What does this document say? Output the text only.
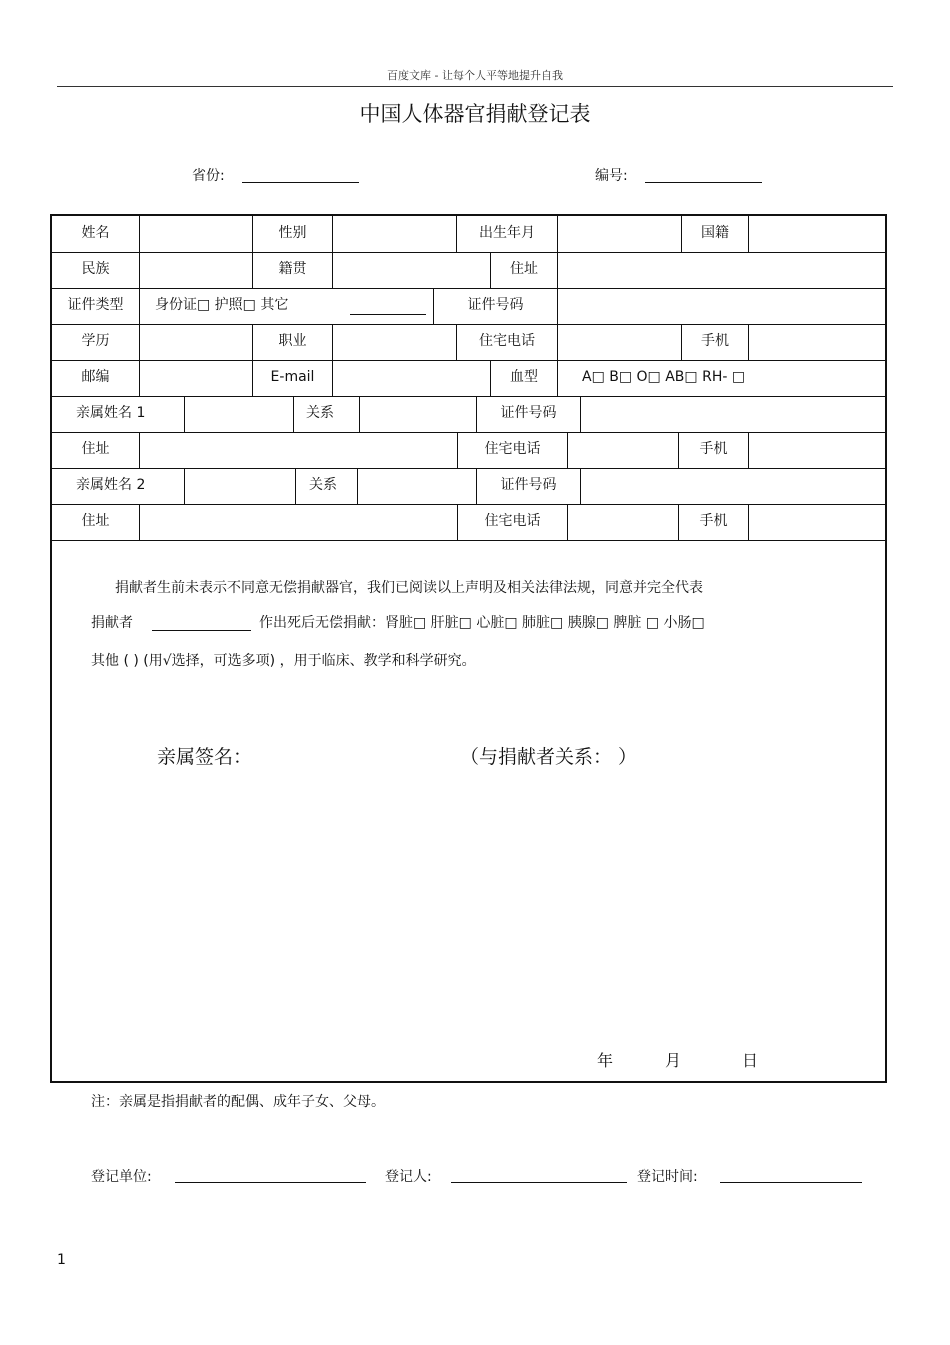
百度文库 - 让每个人平等地提升自我
中国人体器官捐献登记表
省份:	编号:
姓名	性别	出生年月	国籍
民族	籍贯	住址
证件类型	身份证□ 护照□ 其它	证件号码
学历	职业	住宅电话	手机
邮编	E-mail	血型	A□ B□ O□ AB□ RH- □
亲属姓名 1	关系	证件号码
住址	住宅电话	手机
亲属姓名 2	关系	证件号码
住址	住宅电话	手机
捐献者生前未表示不同意无偿捐献器官，我们已阅读以上声明及相关法律法规，同意并完全代表
捐献者	作出死后无偿捐献：肾脏□ 肝脏□ 心脏□ 肺脏□ 胰腺□ 脾脏 □ 小肠□
其他 ( ) (用√选择，可选多项) ，用于临床、教学和科学研究。
亲属签名：	（与捐献者关系： ）
年	月	日
注：亲属是指捐献者的配偶、成年子女、父母。
登记单位:	登记人:	登记时间:
1
